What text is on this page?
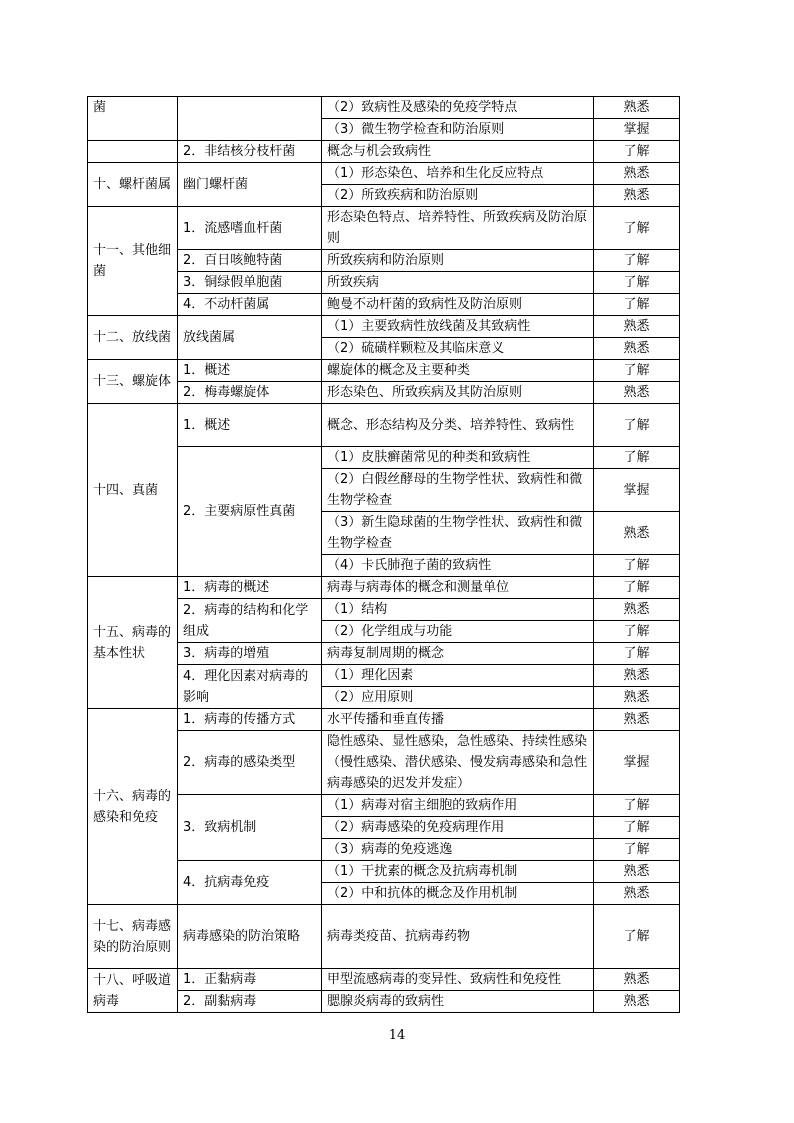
菌		（2）致病性及感染的免疫学特点	熟悉
		（3）微生物学检查和防治原则	掌握
	2．非结核分枝杆菌	概念与机会致病性	了解
十、螺杆菌属	幽门螺杆菌	（1）形态染色、培养和生化反应特点	熟悉
		（2）所致疾病和防治原则	熟悉
十一、其他细菌	1．流感嗜血杆菌	形态染色特点、培养特性、所致疾病及防治原则	了解
	2．百日咳鲍特菌	所致疾病和防治原则	了解
	3．铜绿假单胞菌	所致疾病	了解
	4．不动杆菌属	鲍曼不动杆菌的致病性及防治原则	了解
十二、放线菌	放线菌属	（1）主要致病性放线菌及其致病性	熟悉
		（2）硫磺样颗粒及其临床意义	熟悉
十三、螺旋体	1．概述	螺旋体的概念及主要种类	了解
	2．梅毒螺旋体	形态染色、所致疾病及其防治原则	熟悉
十四、真菌	1．概述	概念、形态结构及分类、培养特性、致病性	了解
	2．主要病原性真菌	（1）皮肤癣菌常见的种类和致病性	了解
		（2）白假丝酵母的生物学性状、致病性和微生物学检查	掌握
		（3）新生隐球菌的生物学性状、致病性和微生物学检查	熟悉
		（4）卡氏肺孢子菌的致病性	了解
十五、病毒的基本性状	1．病毒的概述	病毒与病毒体的概念和测量单位	了解
	2．病毒的结构和化学组成	（1）结构	熟悉
		（2）化学组成与功能	了解
	3．病毒的增殖	病毒复制周期的概念	了解
	4．理化因素对病毒的影响	（1）理化因素	熟悉
		（2）应用原则	熟悉
十六、病毒的感染和免疫	1．病毒的传播方式	水平传播和垂直传播	熟悉
	2．病毒的感染类型	隐性感染、显性感染，急性感染、持续性感染（慢性感染、潜伏感染、慢发病毒感染和急性病毒感染的迟发并发症）	掌握
	3．致病机制	（1）病毒对宿主细胞的致病作用	了解
		（2）病毒感染的免疫病理作用	了解
		（3）病毒的免疫逃逸	了解
	4．抗病毒免疫	（1）干扰素的概念及抗病毒机制	熟悉
		（2）中和抗体的概念及作用机制	熟悉
十七、病毒感染的防治原则	病毒感染的防治策略	病毒类疫苗、抗病毒药物	了解
十八、呼吸道病毒	1．正黏病毒	甲型流感病毒的变异性、致病性和免疫性	熟悉
	2．副黏病毒	腮腺炎病毒的致病性	熟悉
14
